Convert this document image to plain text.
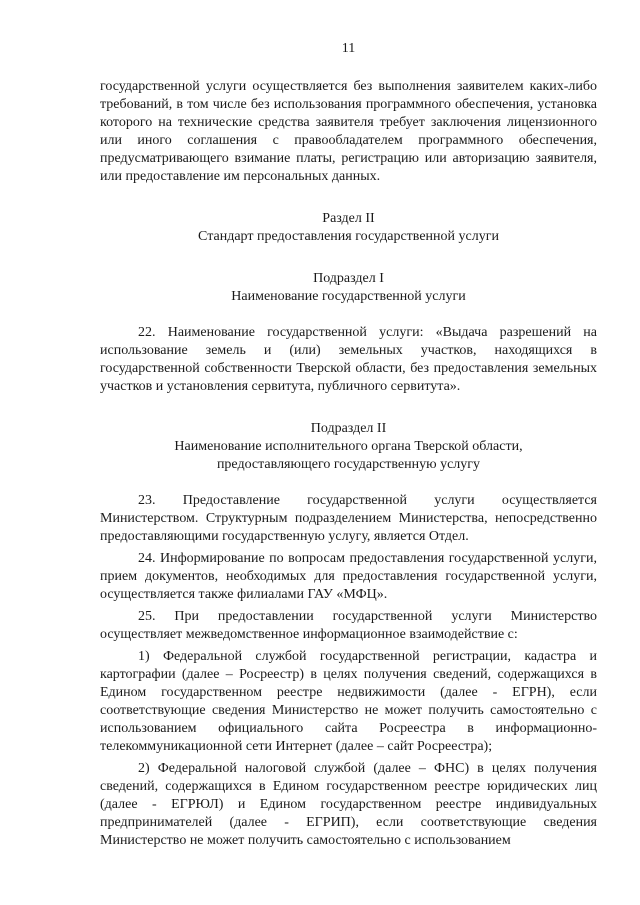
11

государственной услуги осуществляется без выполнения заявителем каких-либо требований, в том числе без использования программного обеспечения, установка которого на технические средства заявителя требует заключения лицензионного или иного соглашения с правообладателем программного обеспечения, предусматривающего взимание платы, регистрацию или авторизацию заявителя, или предоставление им персональных данных.

Раздел II
Стандарт предоставления государственной услуги
Подраздел I
Наименование государственной услуги

22. Наименование государственной услуги: «Выдача разрешений на использование земель и (или) земельных участков, находящихся в государственной собственности Тверской области, без предоставления земельных участков и установления сервитута, публичного сервитута».

Подраздел II
Наименование исполнительного органа Тверской области,
предоставляющего государственную услугу

23. Предоставление государственной услуги осуществляется Министерством. Структурным подразделением Министерства, непосредственно предоставляющими государственную услугу, является Отдел.

24. Информирование по вопросам предоставления государственной услуги, прием документов, необходимых для предоставления государственной услуги, осуществляется также филиалами ГАУ «МФЦ».

25. При предоставлении государственной услуги Министерство осуществляет межведомственное информационное взаимодействие с:

1) Федеральной службой государственной регистрации, кадастра и картографии (далее – Росреестр) в целях получения сведений, содержащихся в Едином государственном реестре недвижимости (далее - ЕГРН), если соответствующие сведения Министерство не может получить самостоятельно с использованием официального сайта Росреестра в информационно-телекоммуникационной сети Интернет (далее – сайт Росреестра);

2) Федеральной налоговой службой (далее – ФНС) в целях получения сведений, содержащихся в Едином государственном реестре юридических лиц (далее - ЕГРЮЛ) и Едином государственном реестре индивидуальных предпринимателей (далее - ЕГРИП), если соответствующие сведения Министерство не может получить самостоятельно с использованием
